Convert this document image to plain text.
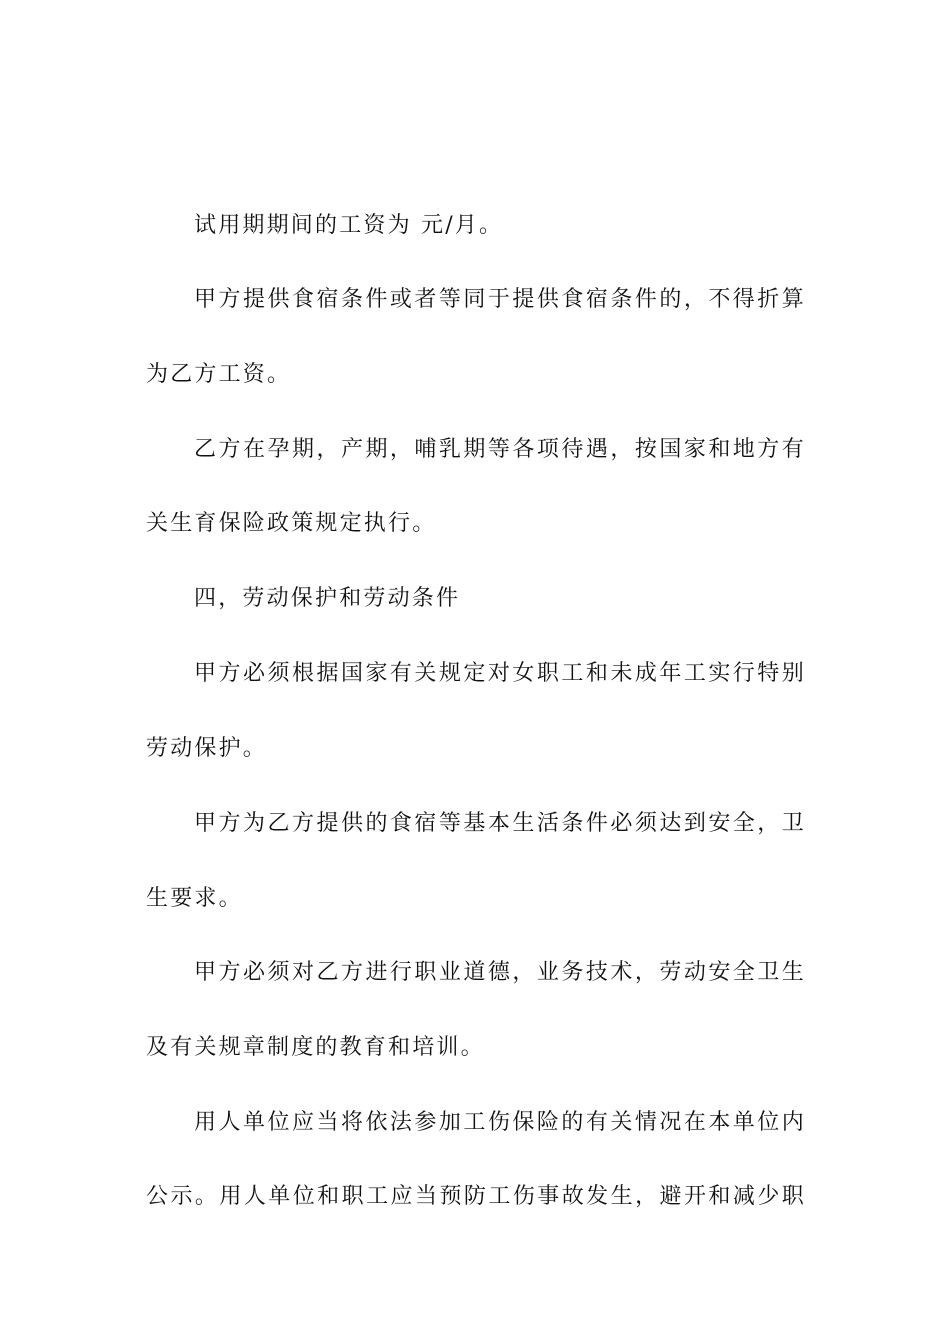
试用期期间的工资为 元/月。
甲方提供食宿条件或者等同于提供食宿条件的，不得折算
为乙方工资。
乙方在孕期，产期，哺乳期等各项待遇，按国家和地方有
关生育保险政策规定执行。
四，劳动保护和劳动条件
甲方必须根据国家有关规定对女职工和未成年工实行特别
劳动保护。
甲方为乙方提供的食宿等基本生活条件必须达到安全，卫
生要求。
甲方必须对乙方进行职业道德，业务技术，劳动安全卫生
及有关规章制度的教育和培训。
用人单位应当将依法参加工伤保险的有关情况在本单位内
公示。用人单位和职工应当预防工伤事故发生，避开和减少职
